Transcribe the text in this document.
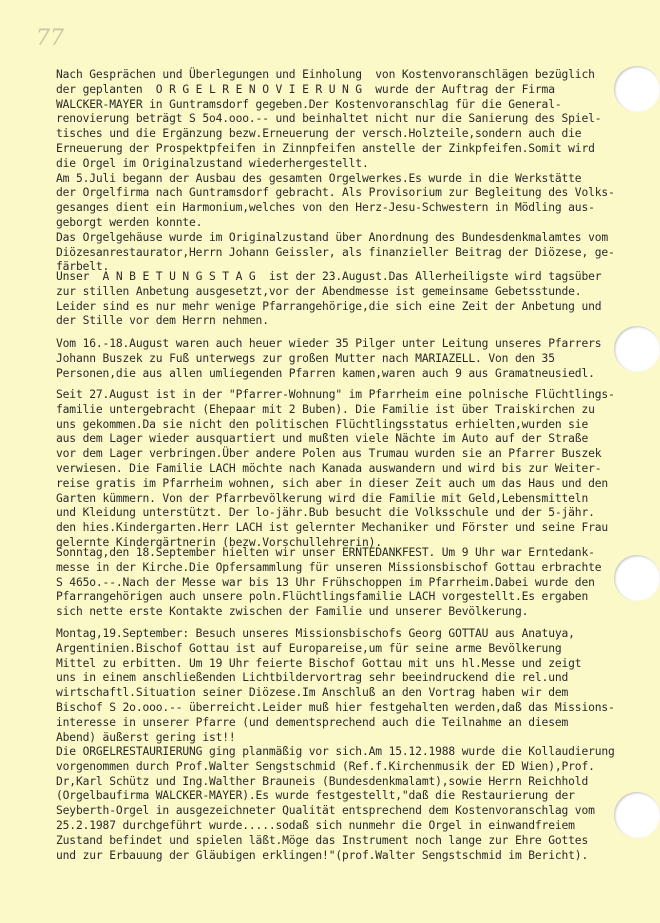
77
Nach Gesprächen und Überlegungen und Einholung  von Kostenvoranschlägen bezüglich
der geplanten  O R G E L R E N O V I E R U N G  wurde der Auftrag der Firma
WALCKER-MAYER in Guntramsdorf gegeben.Der Kostenvoranschlag für die General-
renovierung beträgt S 5o4.ooo.-- und beinhaltet nicht nur die Sanierung des Spiel-
tisches und die Ergänzung bezw.Erneuerung der versch.Holzteile,sondern auch die
Erneuerung der Prospektpfeifen in Zinnpfeifen anstelle der Zinkpfeifen.Somit wird
die Orgel im Originalzustand wiederhergestellt.
Am 5.Juli begann der Ausbau des gesamten Orgelwerkes.Es wurde in die Werkstätte
der Orgelfirma nach Guntramsdorf gebracht. Als Provisorium zur Begleitung des Volks-
gesanges dient ein Harmonium,welches von den Herz-Jesu-Schwestern in Mödling aus-
geborgt werden konnte.
Das Orgelgehäuse wurde im Originalzustand über Anordnung des Bundesdenkmalamtes vom
Diözesanrestaurator,Herrn Johann Geissler, als finanzieller Beitrag der Diözese, ge-
färbelt.
Unser  A N B E T U N G S T A G  ist der 23.August.Das Allerheiligste wird tagsüber
zur stillen Anbetung ausgesetzt,vor der Abendmesse ist gemeinsame Gebetsstunde.
Leider sind es nur mehr wenige Pfarrangehörige,die sich eine Zeit der Anbetung und
der Stille vor dem Herrn nehmen.
Vom 16.-18.August waren auch heuer wieder 35 Pilger unter Leitung unseres Pfarrers
Johann Buszek zu Fuß unterwegs zur großen Mutter nach MARIAZELL. Von den 35
Personen,die aus allen umliegenden Pfarren kamen,waren auch 9 aus Gramatneusiedl.
Seit 27.August ist in der "Pfarrer-Wohnung" im Pfarrheim eine polnische Flüchtlings-
familie untergebracht (Ehepaar mit 2 Buben). Die Familie ist über Traiskirchen zu
uns gekommen.Da sie nicht den politischen Flüchtlingsstatus erhielten,wurden sie
aus dem Lager wieder ausquartiert und mußten viele Nächte im Auto auf der Straße
vor dem Lager verbringen.Über andere Polen aus Trumau wurden sie an Pfarrer Buszek
verwiesen. Die Familie LACH möchte nach Kanada auswandern und wird bis zur Weiter-
reise gratis im Pfarrheim wohnen, sich aber in dieser Zeit auch um das Haus und den
Garten kümmern. Von der Pfarrbevölkerung wird die Familie mit Geld,Lebensmitteln
und Kleidung unterstützt. Der lo-jähr.Bub besucht die Volksschule und der 5-jähr.
den hies.Kindergarten.Herr LACH ist gelernter Mechaniker und Förster und seine Frau
gelernte Kindergärtnerin (bezw.Vorschullehrerin).
Sonntag,den 18.September hielten wir unser ERNTEDANKFEST. Um 9 Uhr war Erntedank-
messe in der Kirche.Die Opfersammlung für unseren Missionsbischof Gottau erbrachte
S 465o.--.Nach der Messe war bis 13 Uhr Frühschoppen im Pfarrheim.Dabei wurde den
Pfarrangehörigen auch unsere poln.Flüchtlingsfamilie LACH vorgestellt.Es ergaben
sich nette erste Kontakte zwischen der Familie und unserer Bevölkerung.
Montag,19.September: Besuch unseres Missionsbischofs Georg GOTTAU aus Anatuya,
Argentinien.Bischof Gottau ist auf Europareise,um für seine arme Bevölkerung
Mittel zu erbitten. Um 19 Uhr feierte Bischof Gottau mit uns hl.Messe und zeigt
uns in einem anschließenden Lichtbildervortrag sehr beeindruckend die rel.und
wirtschaftl.Situation seiner Diözese.Im Anschluß an den Vortrag haben wir dem
Bischof S 2o.ooo.-- überreicht.Leider muß hier festgehalten werden,daß das Missions-
interesse in unserer Pfarre (und dementsprechend auch die Teilnahme an diesem
Abend) äußerst gering ist!!
Die ORGELRESTAURIERUNG ging planmäßig vor sich.Am 15.12.1988 wurde die Kollaudierung
vorgenommen durch Prof.Walter Sengstschmid (Ref.f.Kirchenmusik der ED Wien),Prof.
Dr,Karl Schütz und Ing.Walther Brauneis (Bundesdenkmalamt),sowie Herrn Reichhold
(Orgelbaufirma WALCKER-MAYER).Es wurde festgestellt,"daß die Restaurierung der
Seyberth-Orgel in ausgezeichneter Qualität entsprechend dem Kostenvoranschlag vom
25.2.1987 durchgeführt wurde.....sodaß sich nunmehr die Orgel in einwandfreiem
Zustand befindet und spielen läßt.Möge das Instrument noch lange zur Ehre Gottes
und zur Erbauung der Gläubigen erklingen!"(prof.Walter Sengstschmid im Bericht).
